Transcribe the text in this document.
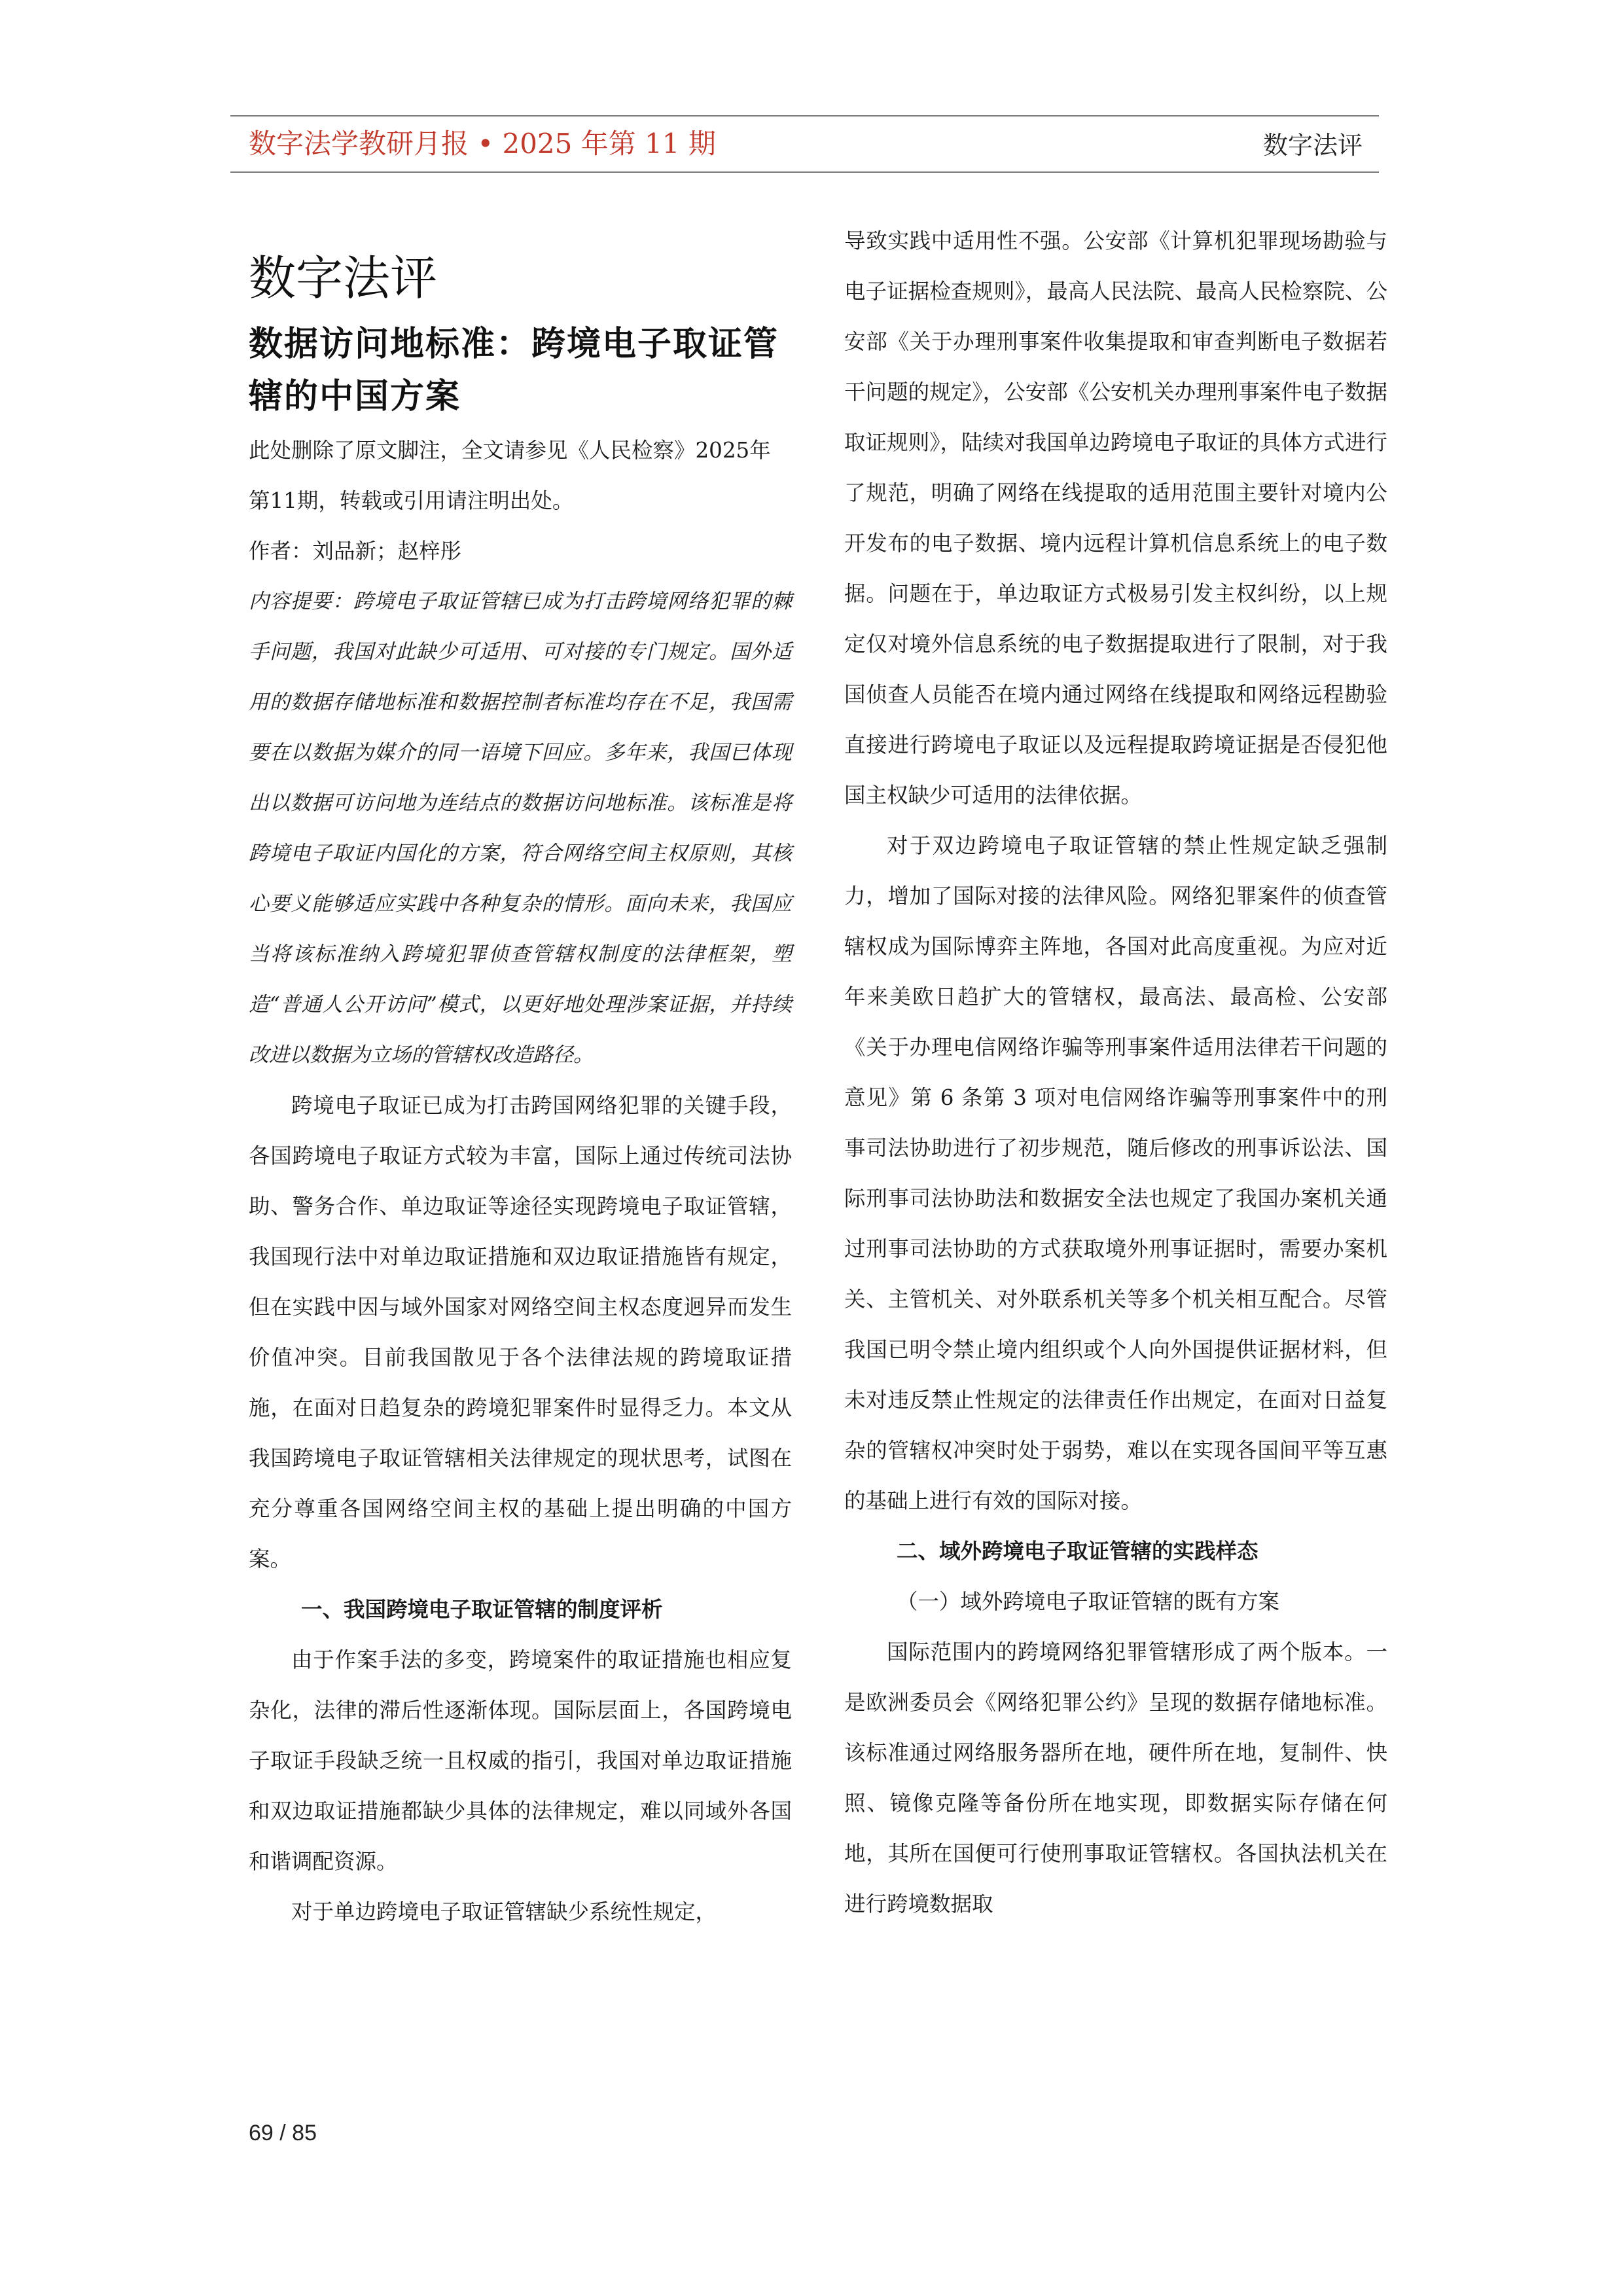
数字法学教研月报 • 2025 年第 11 期	数字法评
数字法评
数据访问地标准：跨境电子取证管辖的中国方案

此处删除了原文脚注，全文请参见《人民检察》2025年第11期，转载或引用请注明出处。

作者：刘品新；赵梓彤

内容提要：跨境电子取证管辖已成为打击跨境网络犯罪的棘手问题，我国对此缺少可适用、可对接的专门规定。国外适用的数据存储地标准和数据控制者标准均存在不足，我国需要在以数据为媒介的同一语境下回应。多年来，我国已体现出以数据可访问地为连结点的数据访问地标准。该标准是将跨境电子取证内国化的方案，符合网络空间主权原则，其核心要义能够适应实践中各种复杂的情形。面向未来，我国应当将该标准纳入跨境犯罪侦查管辖权制度的法律框架，塑造“普通人公开访问”模式，以更好地处理涉案证据，并持续改进以数据为立场的管辖权改造路径。

跨境电子取证已成为打击跨国网络犯罪的关键手段，各国跨境电子取证方式较为丰富，国际上通过传统司法协助、警务合作、单边取证等途径实现跨境电子取证管辖，我国现行法中对单边取证措施和双边取证措施皆有规定，但在实践中因与域外国家对网络空间主权态度迥异而发生价值冲突。目前我国散见于各个法律法规的跨境取证措施，在面对日趋复杂的跨境犯罪案件时显得乏力。本文从我国跨境电子取证管辖相关法律规定的现状思考，试图在充分尊重各国网络空间主权的基础上提出明确的中国方案。

一、我国跨境电子取证管辖的制度评析

由于作案手法的多变，跨境案件的取证措施也相应复杂化，法律的滞后性逐渐体现。国际层面上，各国跨境电子取证手段缺乏统一且权威的指引，我国对单边取证措施和双边取证措施都缺少具体的法律规定，难以同域外各国和谐调配资源。

对于单边跨境电子取证管辖缺少系统性规定，

导致实践中适用性不强。公安部《计算机犯罪现场勘验与电子证据检查规则》，最高人民法院、最高人民检察院、公安部《关于办理刑事案件收集提取和审查判断电子数据若干问题的规定》，公安部《公安机关办理刑事案件电子数据取证规则》，陆续对我国单边跨境电子取证的具体方式进行了规范，明确了网络在线提取的适用范围主要针对境内公开发布的电子数据、境内远程计算机信息系统上的电子数据。问题在于，单边取证方式极易引发主权纠纷，以上规定仅对境外信息系统的电子数据提取进行了限制，对于我国侦查人员能否在境内通过网络在线提取和网络远程勘验直接进行跨境电子取证以及远程提取跨境证据是否侵犯他国主权缺少可适用的法律依据。

对于双边跨境电子取证管辖的禁止性规定缺乏强制力，增加了国际对接的法律风险。网络犯罪案件的侦查管辖权成为国际博弈主阵地，各国对此高度重视。为应对近年来美欧日趋扩大的管辖权，最高法、最高检、公安部《关于办理电信网络诈骗等刑事案件适用法律若干问题的意见》第 6 条第 3 项对电信网络诈骗等刑事案件中的刑事司法协助进行了初步规范，随后修改的刑事诉讼法、国际刑事司法协助法和数据安全法也规定了我国办案机关通过刑事司法协助的方式获取境外刑事证据时，需要办案机关、主管机关、对外联系机关等多个机关相互配合。尽管我国已明令禁止境内组织或个人向外国提供证据材料，但未对违反禁止性规定的法律责任作出规定，在面对日益复杂的管辖权冲突时处于弱势，难以在实现各国间平等互惠的基础上进行有效的国际对接。

二、域外跨境电子取证管辖的实践样态

（一）域外跨境电子取证管辖的既有方案

国际范围内的跨境网络犯罪管辖形成了两个版本。一是欧洲委员会《网络犯罪公约》呈现的数据存储地标准。该标准通过网络服务器所在地，硬件所在地，复制件、快照、镜像克隆等备份所在地实现，即数据实际存储在何地，其所在国便可行使刑事取证管辖权。各国执法机关在进行跨境数据取

69 / 85
